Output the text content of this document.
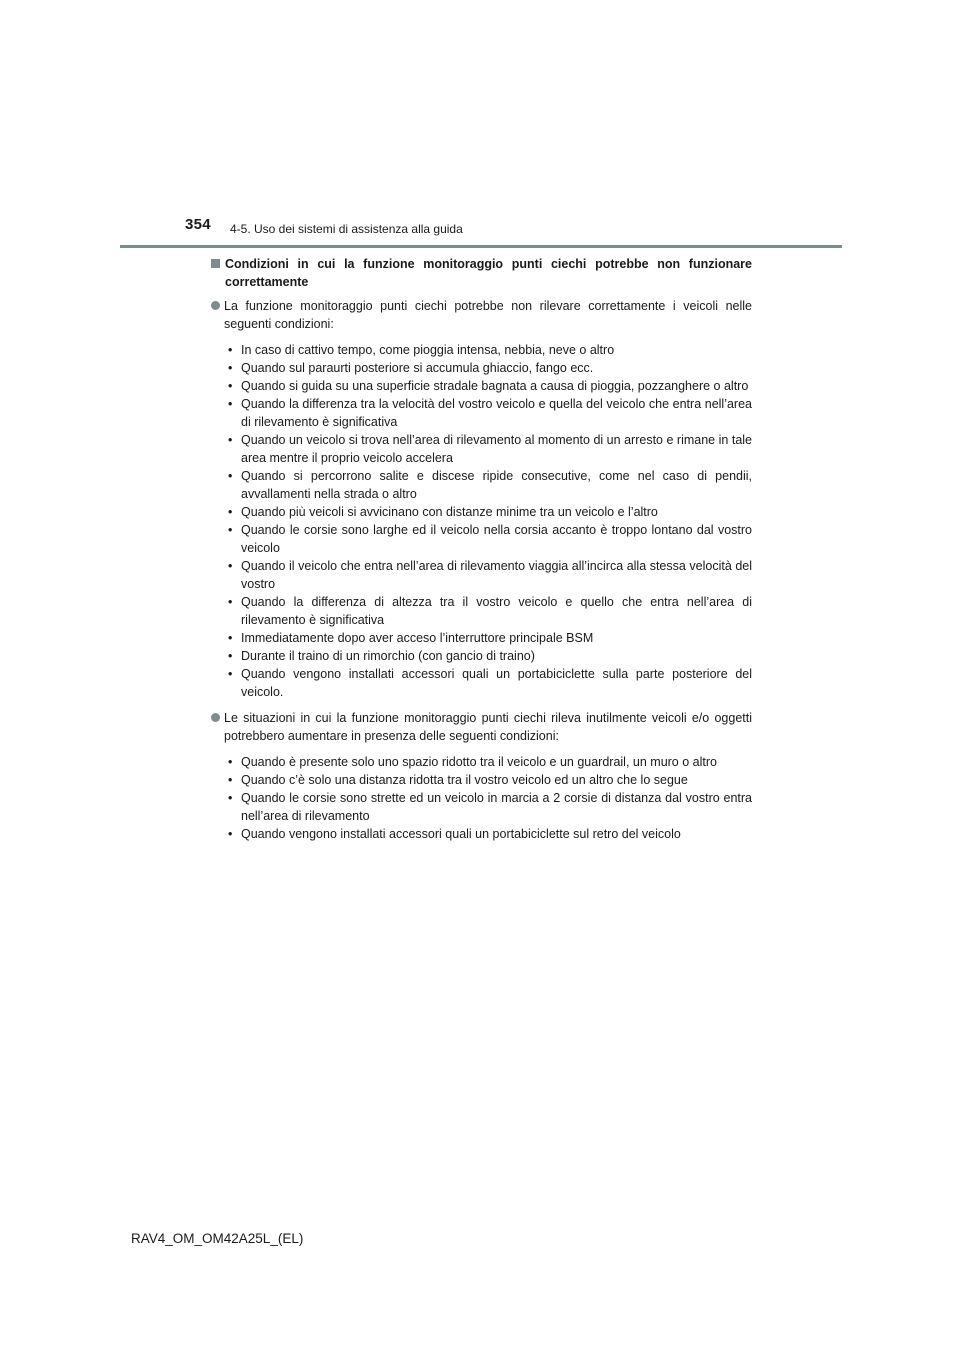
354 4-5. Uso dei sistemi di assistenza alla guida
Condizioni in cui la funzione monitoraggio punti ciechi potrebbe non funzionare correttamente
La funzione monitoraggio punti ciechi potrebbe non rilevare correttamente i veicoli nelle seguenti condizioni:
• In caso di cattivo tempo, come pioggia intensa, nebbia, neve o altro
• Quando sul paraurti posteriore si accumula ghiaccio, fango ecc.
• Quando si guida su una superficie stradale bagnata a causa di pioggia, pozzanghere o altro
• Quando la differenza tra la velocità del vostro veicolo e quella del veicolo che entra nell’area di rilevamento è significativa
• Quando un veicolo si trova nell’area di rilevamento al momento di un arresto e rimane in tale area mentre il proprio veicolo accelera
• Quando si percorrono salite e discese ripide consecutive, come nel caso di pendii, avvallamenti nella strada o altro
• Quando più veicoli si avvicinano con distanze minime tra un veicolo e l’altro
• Quando le corsie sono larghe ed il veicolo nella corsia accanto è troppo lontano dal vostro veicolo
• Quando il veicolo che entra nell’area di rilevamento viaggia all’incirca alla stessa velocità del vostro
• Quando la differenza di altezza tra il vostro veicolo e quello che entra nell’area di rilevamento è significativa
• Immediatamente dopo aver acceso l’interruttore principale BSM
• Durante il traino di un rimorchio (con gancio di traino)
• Quando vengono installati accessori quali un portabiciclette sulla parte posteriore del veicolo.
Le situazioni in cui la funzione monitoraggio punti ciechi rileva inutilmente veicoli e/o oggetti potrebbero aumentare in presenza delle seguenti condizioni:
• Quando è presente solo uno spazio ridotto tra il veicolo e un guardrail, un muro o altro
• Quando c’è solo una distanza ridotta tra il vostro veicolo ed un altro che lo segue
• Quando le corsie sono strette ed un veicolo in marcia a 2 corsie di distanza dal vostro entra nell’area di rilevamento
• Quando vengono installati accessori quali un portabiciclette sul retro del veicolo
RAV4_OM_OM42A25L_(EL)
